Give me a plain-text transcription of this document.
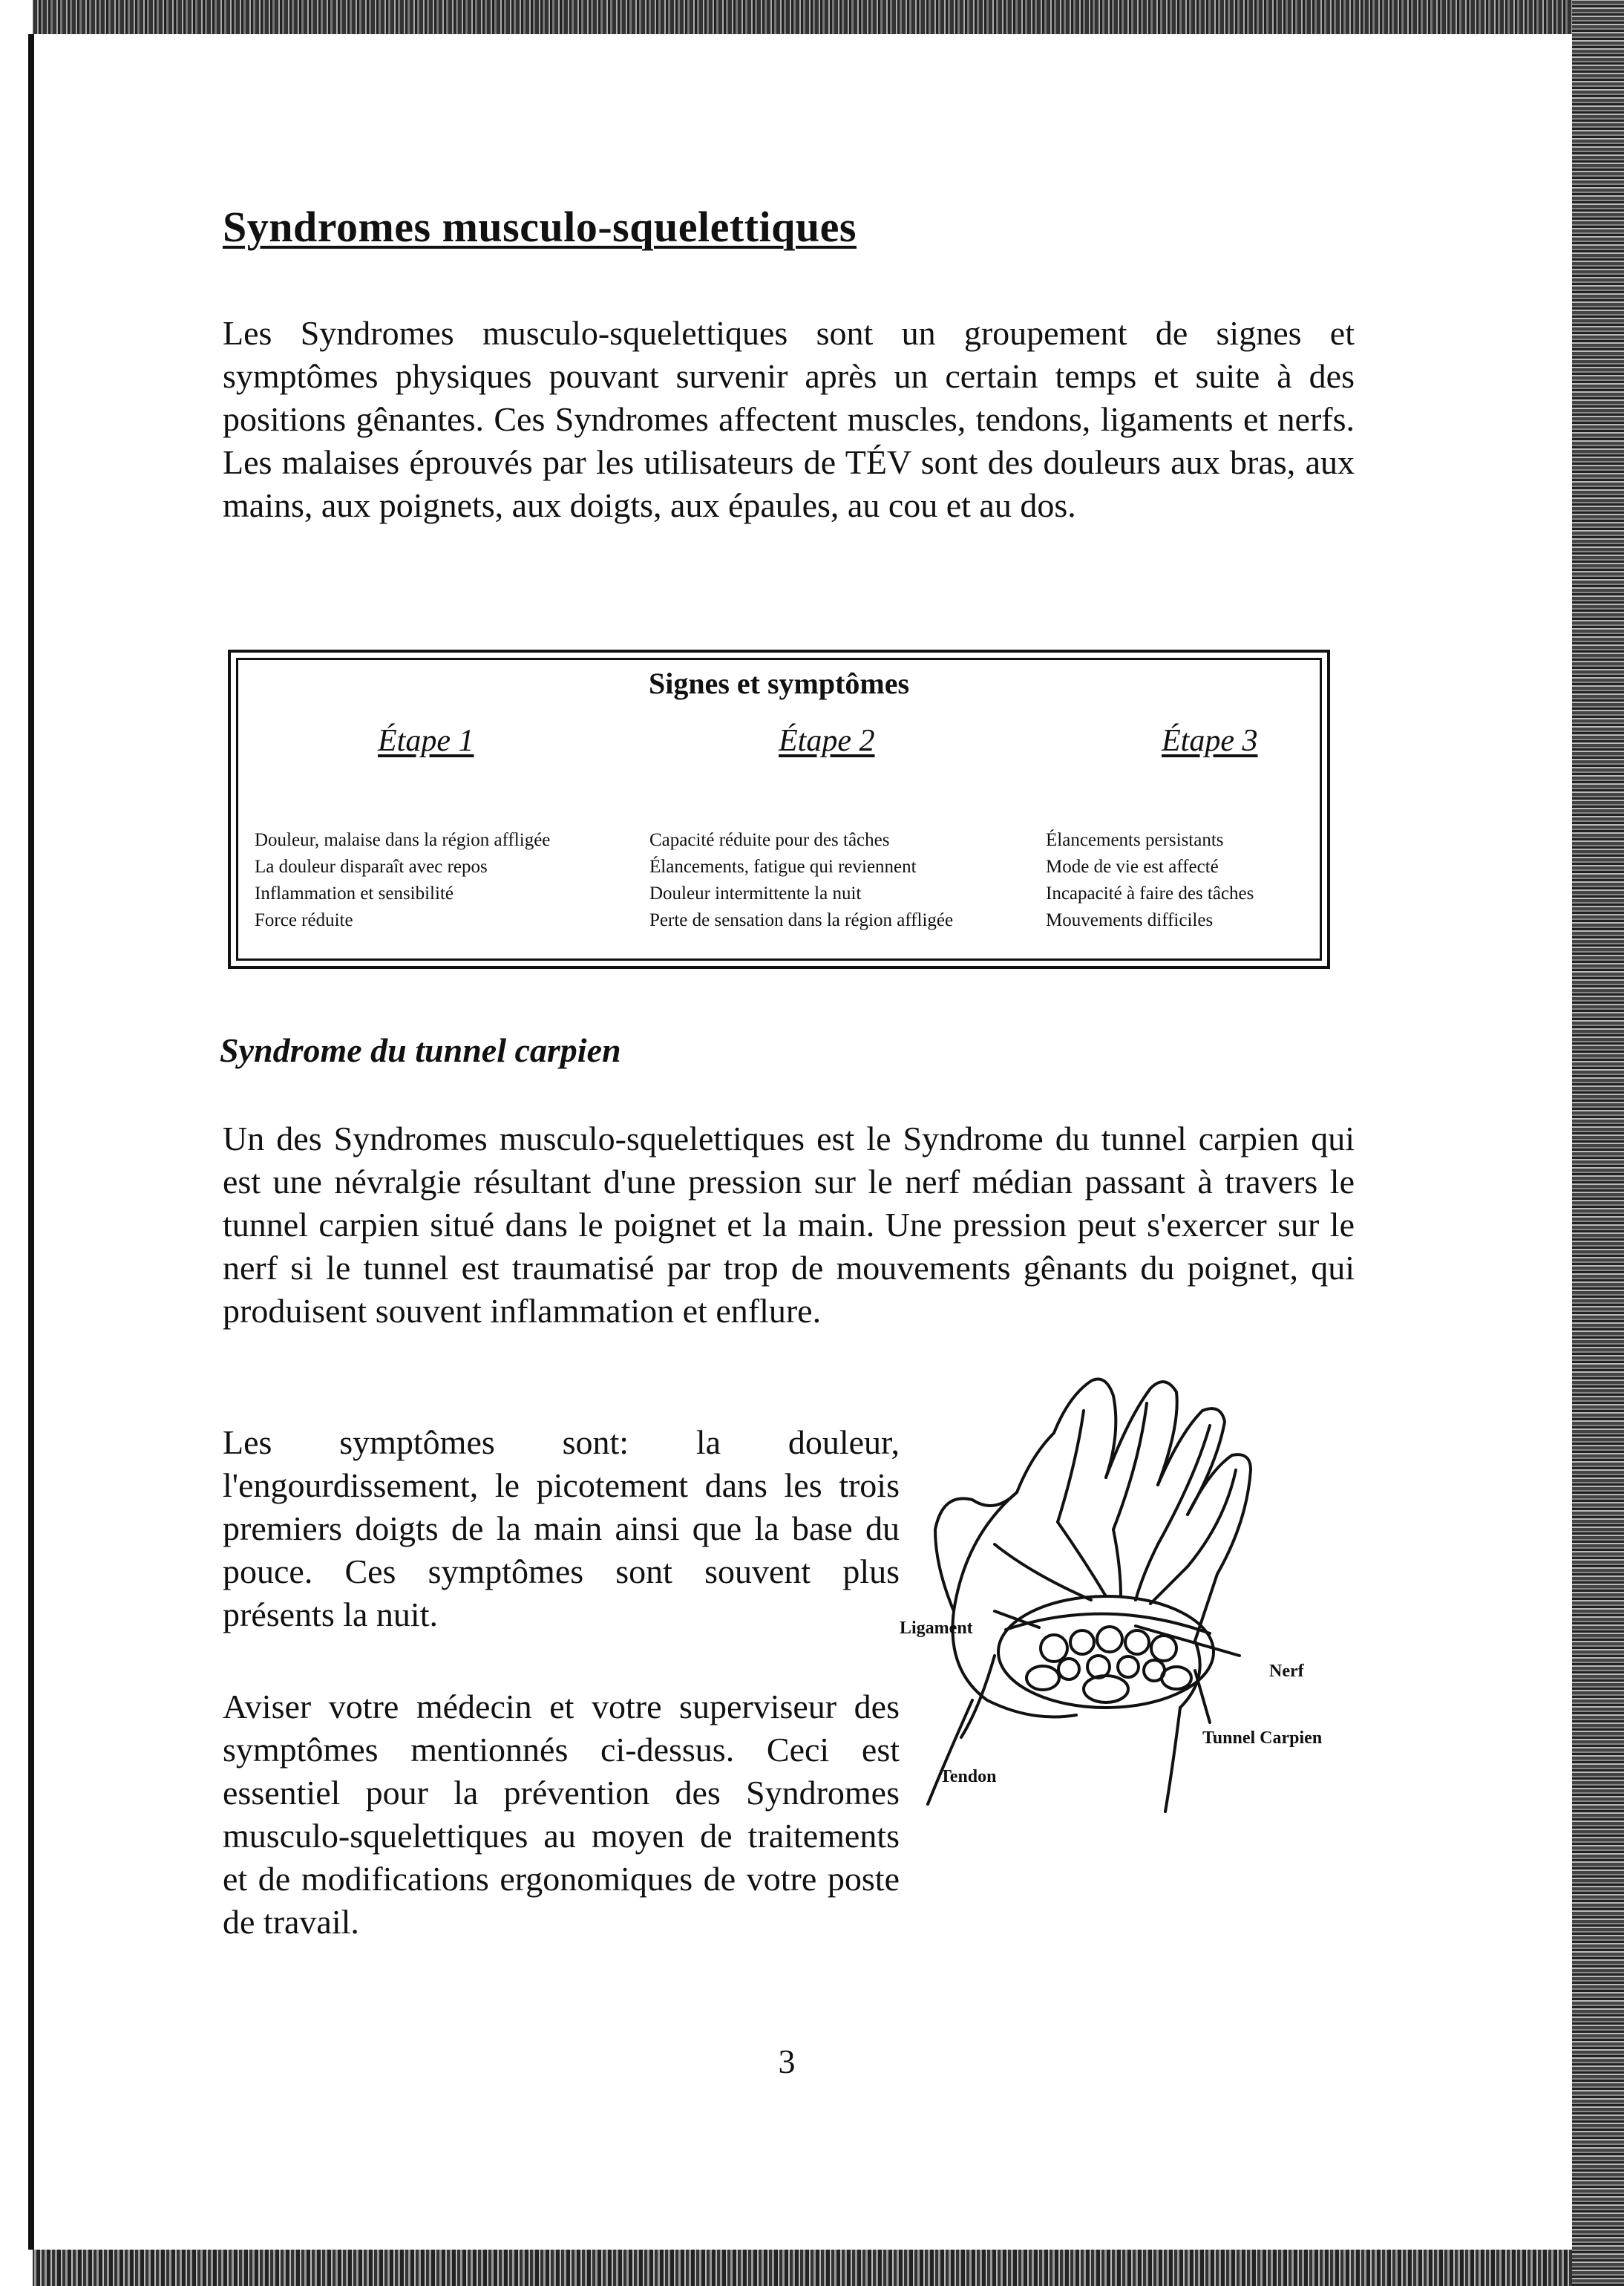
Syndromes musculo-squelettiques

Les Syndromes musculo-squelettiques sont un groupement de signes et symptômes physiques pouvant survenir après un certain temps et suite à des positions gênantes. Ces Syndromes affectent muscles, tendons, ligaments et nerfs. Les malaises éprouvés par les utilisateurs de TÉV sont des douleurs aux bras, aux mains, aux poignets, aux doigts, aux épaules, au cou et au dos.

Signes et symptômes

Étape 1	Étape 2	Étape 3

Douleur, malaise dans la région affligée
La douleur disparaît avec repos
Inflammation et sensibilité
Force réduite
Capacité réduite pour des tâches
Élancements, fatigue qui reviennent
Douleur intermittente la nuit
Perte de sensation dans la région affligée
Élancements persistants
Mode de vie est affecté
Incapacité à faire des tâches
Mouvements difficiles
Syndrome du tunnel carpien

Un des Syndromes musculo-squelettiques est le Syndrome du tunnel carpien qui est une névralgie résultant d'une pression sur le nerf médian passant à travers le tunnel carpien situé dans le poignet et la main. Une pression peut s'exercer sur le nerf si le tunnel est traumatisé par trop de mouvements gênants du poignet, qui produisent souvent inflammation et enflure.

Les symptômes sont: la douleur, l'engourdissement, le picotement dans les trois premiers doigts de la main ainsi que la base du pouce. Ces symptômes sont souvent plus présents la nuit.

Aviser votre médecin et votre superviseur des symptômes mentionnés ci-dessus. Ceci est essentiel pour la prévention des Syndromes musculo-squelettiques au moyen de traitements et de modifications ergonomiques de votre poste de travail.

Ligament

Nerf

Tunnel Carpien

Tendon

3
